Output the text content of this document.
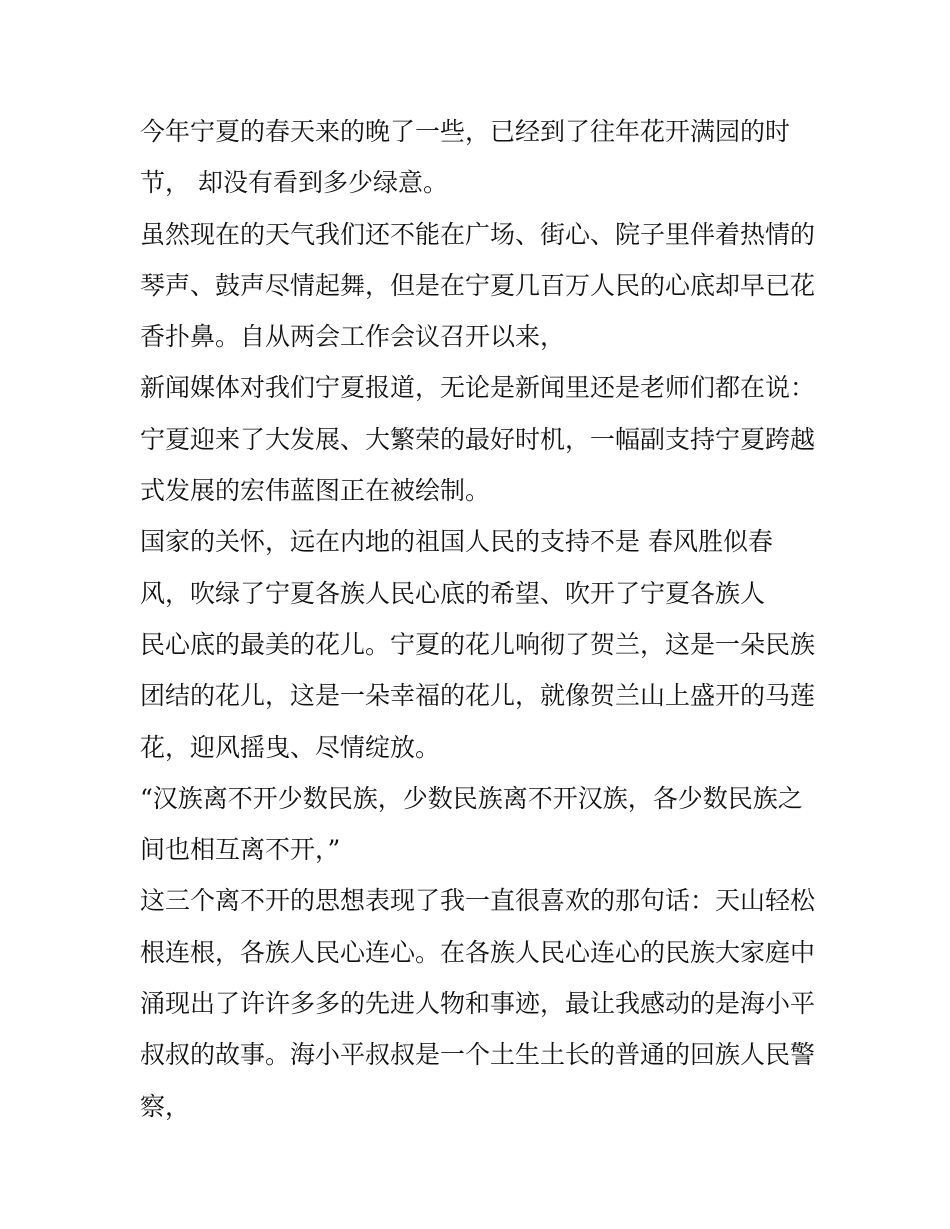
今年宁夏的春天来的晚了一些，已经到了往年花开满园的时
节， 却没有看到多少绿意。
虽然现在的天气我们还不能在广场、街心、院子里伴着热情的
琴声、鼓声尽情起舞，但是在宁夏几百万人民的心底却早已花
香扑鼻。自从两会工作会议召开以来，
新闻媒体对我们宁夏报道，无论是新闻里还是老师们都在说：
宁夏迎来了大发展、大繁荣的最好时机，一幅副支持宁夏跨越
式发展的宏伟蓝图正在被绘制。
国家的关怀，远在内地的祖国人民的支持不是 春风胜似春
风，吹绿了宁夏各族人民心底的希望、吹开了宁夏各族人
民心底的最美的花儿。宁夏的花儿响彻了贺兰，这是一朵民族
团结的花儿，这是一朵幸福的花儿，就像贺兰山上盛开的马莲
花，迎风摇曳、尽情绽放。
“汉族离不开少数民族，少数民族离不开汉族，各少数民族之
间也相互离不开，”
这三个离不开的思想表现了我一直很喜欢的那句话：天山轻松
根连根，各族人民心连心。在各族人民心连心的民族大家庭中
涌现出了许许多多的先进人物和事迹，最让我感动的是海小平
叔叔的故事。海小平叔叔是一个土生土长的普通的回族人民警
察，
